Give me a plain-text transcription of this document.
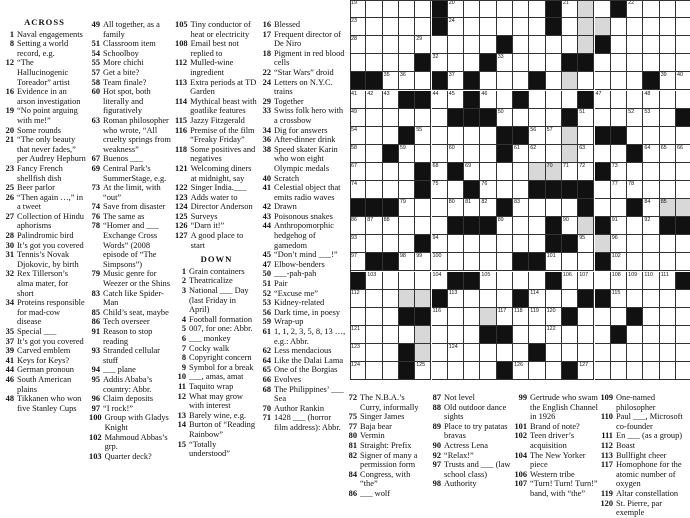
ACROSS
1 Naval engagements
8 Setting a world record, e.g.
12 “The Hallucinogenic Toreador” artist
16 Evidence in an arson investigation
19 “No point arguing with me!”
20 Some rounds
21 “The only beauty that never fades,” per Audrey Hepburn
23 Fancy French shellfish dish
25 Beer parlor
26 “Then again …,” in a tweet
27 Collection of Hindu aphorisms
28 Palindromic bird
30 It’s got you covered
31 Tennis’s Novak Djokovic, by birth
32 Rex Tillerson’s alma mater, for short
34 Proteins responsible for mad-cow disease
35 Special ___
37 It’s got you covered
39 Carved emblem
41 Keys for Keys?
44 German pronoun
46 South American plains
48 Tikkanen who won five Stanley Cups
49 All together, as a family
51 Classroom item
54 Schoolboy
55 More chichi
57 Get a bite?
58 Team finale?
60 Hot spot, both literally and figuratively
63 Roman philosopher who wrote, “All cruelty springs from weakness”
67 Buenos ___
69 Central Park’s SummerStage, e.g.
73 At the limit, with “out”
74 Save from disaster
76 The same as
78 “Homer and ___ Exchange Cross Words” (2008 episode of “The Simpsons”)
79 Music genre for Weezer or the Shins
83 Catch like Spider-Man
85 Child’s seat, maybe
86 Tech overseer
91 Reason to stop reading
93 Stranded cellular stuff
94 ___ plane
95 Addis Ababa’s country: Abbr.
96 Claim deposits
97 “I rock!”
100 Group with Gladys Knight
102 Mahmoud Abbas’s grp.
103 Quarter deck?
105 Tiny conductor of heat or electricity
108 Email best not replied to
112 Mulled-wine ingredient
113 Extra periods at TD Garden
114 Mythical beast with goatlike features
115 Jazzy Fitzgerald
116 Premise of the film “Freaky Friday”
118 Some positives and negatives
121 Welcoming diners at midnight, say
122 Singer India.___
123 Adds water to
124 Director Anderson
125 Surveys
126 “Darn it!”
127 A good place to start
DOWN
1 Grain containers
2 Theatricalize
3 National ___ Day (last Friday in April)
4 Football formation
5 007, for one: Abbr.
6 ___ monkey
7 Cocky walk
8 Copyright concern
9 Symbol for a break
10 ___, amas, amat
11 Taquito wrap
12 What may grow with interest
13 Barely wine, e.g.
14 Burton of “Reading Rainbow”
15 “Totally understood”
16 Blessed
17 Frequent director of De Niro
18 Pigment in red blood cells
22 “Star Wars” droid
24 Letters on N.Y.C. trains
29 Together
33 Swiss folk hero with a crossbow
34 Dig for answers
36 After-dinner drink
38 Speed skater Karin who won eight Olympic medals
40 Scratch
41 Celestial object that emits radio waves
42 Drawn
43 Poisonous snakes
44 Anthropomorphic hedgehog of gamedom
45 “Don’t mind ___!”
47 Elbow-benders
50 ___-pah-pah
51 Pair
52 “Excuse me”
53 Kidney-related
56 Dark time, in poesy
59 Wrap-up
61 1, 1, 2, 3, 5, 8, 13 …, e.g.: Abbr.
62 Less mendacious
64 Like the Dalai Lama
65 One of the Borgias
66 Evolves
68 The Philippines’ ___ Sea
70 Author Rankin
71 1428 ___ (horror film address): Abbr.
19	20	21	22
23	24
28	29
32	33
35 36	37	39 40
41 42 43	44 45	46	47	48
49	50	51	52 53
54	55	56 57
58	59	60	61 62	63	64 65 66
67	68	69	70 71 72	73
74	75	76	77 78
79	80 81 82	83	84 85
86 87 88	89	90	91	92
93	94	95	96
97	98 99 100	101	102
103	104	105	106 107	108 109 110 111
112	113	114	115
116	117 118 119 120
121	122
123	124
124	125	126	127
72 The N.B.A.’s Curry, informally
75 Singer James
77 Baja bear
80 Vermin
81 Straight: Prefix
82 Signer of many a permission form
84 Congress, with “the”
86 ___ wolf
87 Not level
88 Old outdoor dance sights
89 Place to try patatas bravas
90 Actress Lena
92 “Relax!”
97 Trusts and ___ (law school class)
98 Authority
99 Gertrude who swam the English Channel in 1926
101 Brand of note?
102 Teen driver’s acquisition
104 The New Yorker piece
106 Western tribe
107 “Turn! Turn! Turn!” band, with “the”
109 One-named philosopher
110 Paul ___, Microsoft co-founder
111 En ___ (as a group)
112 Boast
113 Bullfight cheer
117 Homophone for the atomic number of oxygen
119 Altar constellation
120 St. Pierre, par exemple
